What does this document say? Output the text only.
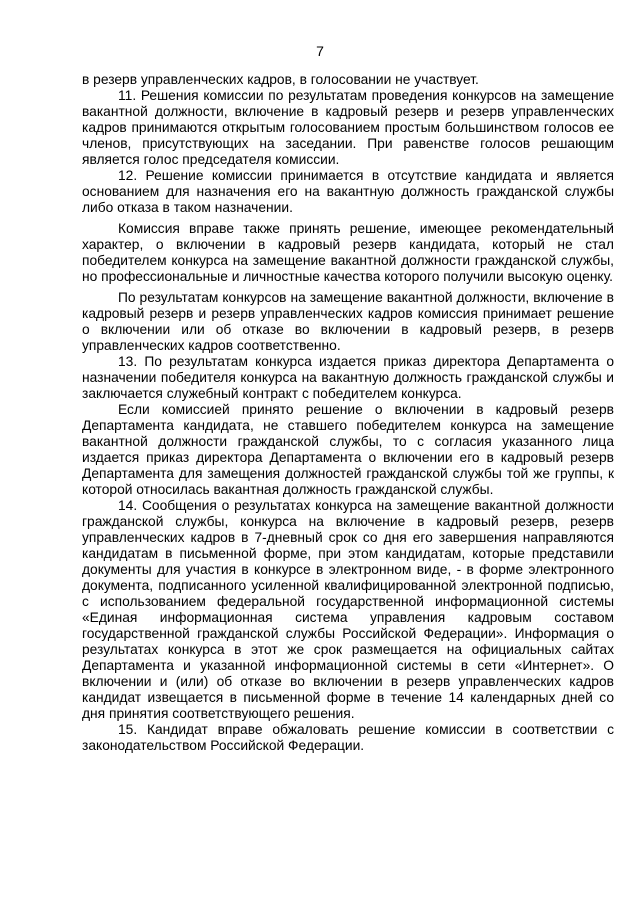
7

в резерв управленческих кадров, в голосовании не участвует.

11. Решения комиссии по результатам проведения конкурсов на замещение вакантной должности, включение в кадровый резерв и резерв управленческих кадров принимаются открытым голосованием простым большинством голосов ее членов, присутствующих на заседании. При равенстве голосов решающим является голос председателя комиссии.

12. Решение комиссии принимается в отсутствие кандидата и является основанием для назначения его на вакантную должность гражданской службы либо отказа в таком назначении.

Комиссия вправе также принять решение, имеющее рекомендательный характер, о включении в кадровый резерв кандидата, который не стал победителем конкурса на замещение вакантной должности гражданской службы, но профессиональные и личностные качества которого получили высокую оценку.

По результатам конкурсов на замещение вакантной должности, включение в кадровый резерв и резерв управленческих кадров комиссия принимает решение о включении или об отказе во включении в кадровый резерв, в резерв управленческих кадров соответственно.

13. По результатам конкурса издается приказ директора Департамента о назначении победителя конкурса на вакантную должность гражданской службы и заключается служебный контракт с победителем конкурса.

Если комиссией принято решение о включении в кадровый резерв Департамента кандидата, не ставшего победителем конкурса на замещение вакантной должности гражданской службы, то с согласия указанного лица издается приказ директора Департамента о включении его в кадровый резерв Департамента для замещения должностей гражданской службы той же группы, к которой относилась вакантная должность гражданской службы.

14. Сообщения о результатах конкурса на замещение вакантной должности гражданской службы, конкурса на включение в кадровый резерв, резерв управленческих кадров в 7-дневный срок со дня его завершения направляются кандидатам в письменной форме, при этом кандидатам, которые представили документы для участия в конкурсе в электронном виде, - в форме электронного документа, подписанного усиленной квалифицированной электронной подписью, с использованием федеральной государственной информационной системы «Единая информационная система управления кадровым составом государственной гражданской службы Российской Федерации». Информация о результатах конкурса в этот же срок размещается на официальных сайтах Департамента и указанной информационной системы в сети «Интернет». О включении и (или) об отказе во включении в резерв управленческих кадров кандидат извещается в письменной форме в течение 14 календарных дней со дня принятия соответствующего решения.

15. Кандидат вправе обжаловать решение комиссии в соответствии с законодательством Российской Федерации.
